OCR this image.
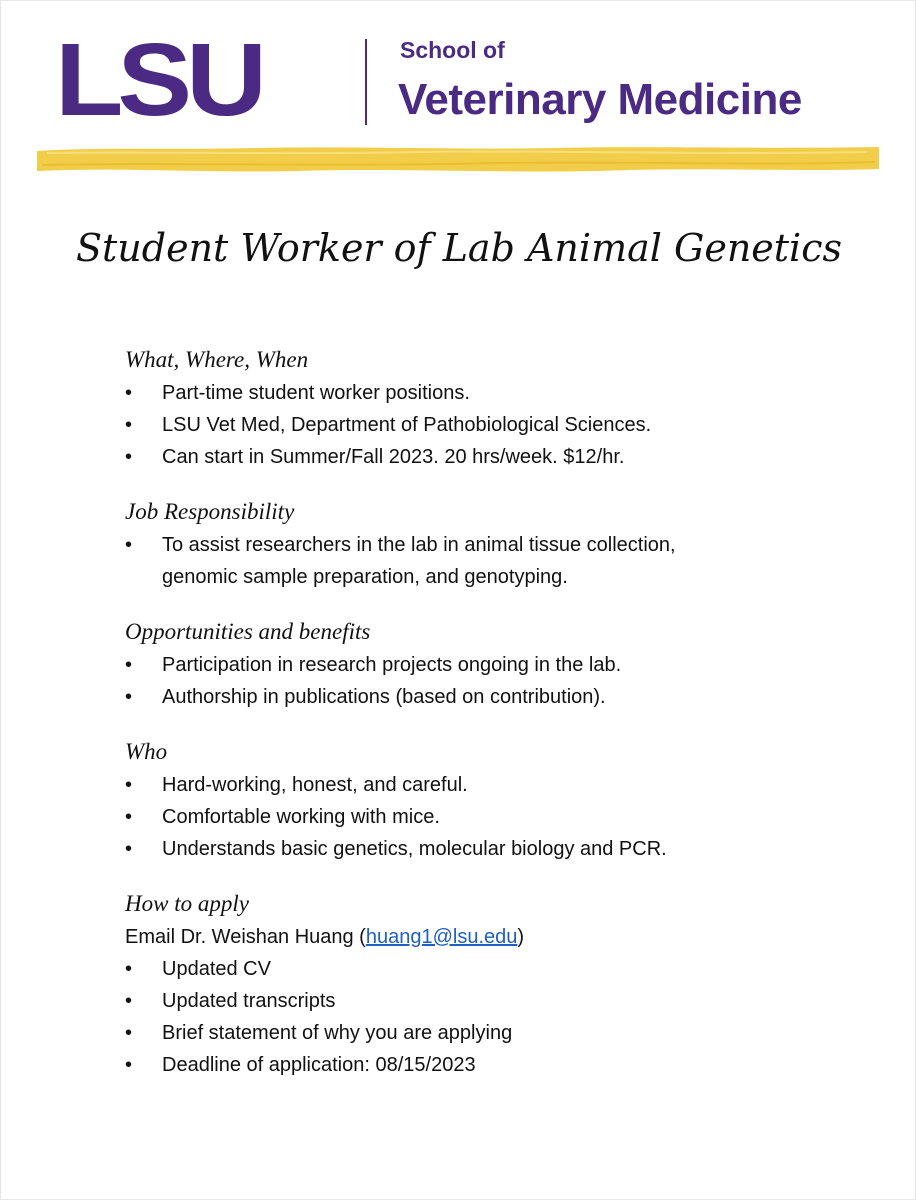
LSU	School of
Veterinary Medicine
Student Worker of Lab Animal Genetics

What, Where, When

• Part-time student worker positions.
• LSU Vet Med, Department of Pathobiological Sciences.
• Can start in Summer/Fall 2023. 20 hrs/week. $12/hr.

Job Responsibility

• To assist researchers in the lab in animal tissue collection,
genomic sample preparation, and genotyping.

Opportunities and benefits

• Participation in research projects ongoing in the lab.
• Authorship in publications (based on contribution).

Who

• Hard-working, honest, and careful.
• Comfortable working with mice.
• Understands basic genetics, molecular biology and PCR.

How to apply

Email Dr. Weishan Huang (huang1@lsu.edu)

• Updated CV
• Updated transcripts
• Brief statement of why you are applying
• Deadline of application: 08/15/2023
